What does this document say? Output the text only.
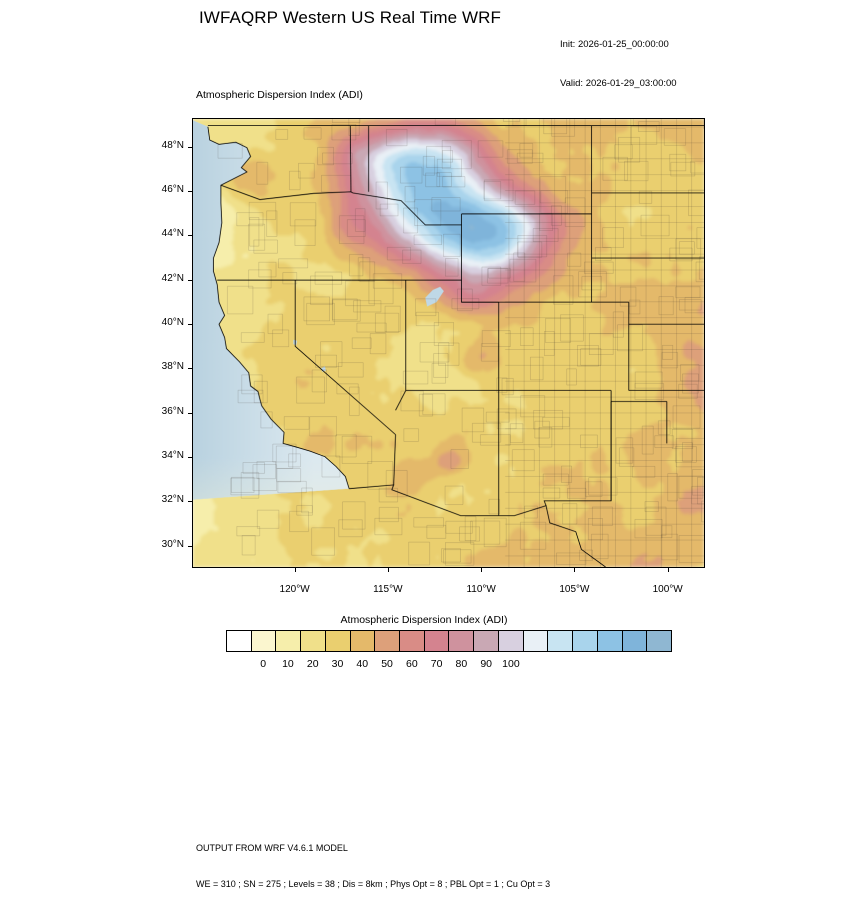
IWFAQRP Western US Real Time WRF

Init: 2026-01-25_00:00:00

Valid: 2026-01-29_03:00:00

Atmospheric Dispersion Index (ADI)
48°N
46°N
44°N
42°N
40°N
38°N
36°N
34°N
32°N
30°N
120°W	115°W	110°W	105°W	100°W
Atmospheric Dispersion Index (ADI)
0 10 20 30 40 50 60 70 80 90 100

OUTPUT FROM WRF V4.6.1 MODEL

WE = 310 ; SN = 275 ; Levels = 38 ; Dis = 8km ; Phys Opt = 8 ; PBL Opt = 1 ; Cu Opt = 3
